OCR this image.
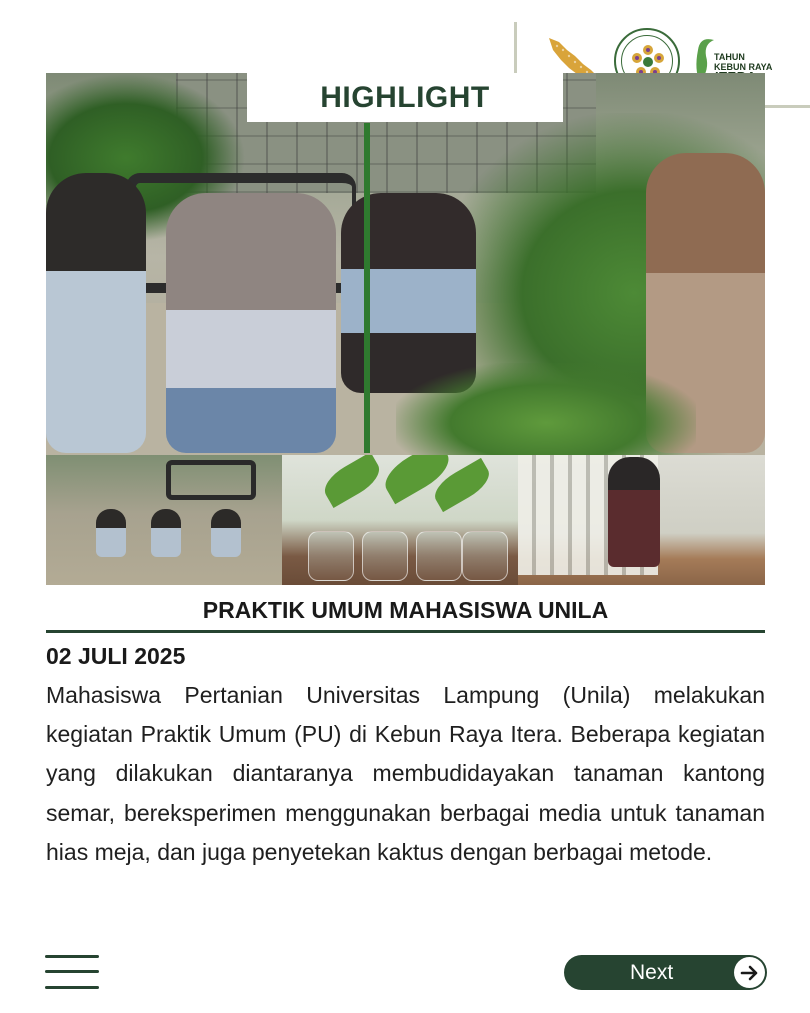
TAHUN
KEBUN RAYA
HIGHLIGHT
PRAKTIK UMUM MAHASISWA UNILA
02 JULI 2025
Mahasiswa Pertanian Universitas Lampung (Unila) melakukan kegiatan Praktik Umum (PU) di Kebun Raya Itera. Beberapa kegiatan yang dilakukan diantaranya membudidayakan tanaman kantong semar, bereksperimen menggunakan berbagai media untuk tanaman hias meja, dan juga penyetekan kaktus dengan berbagai metode.
Next
